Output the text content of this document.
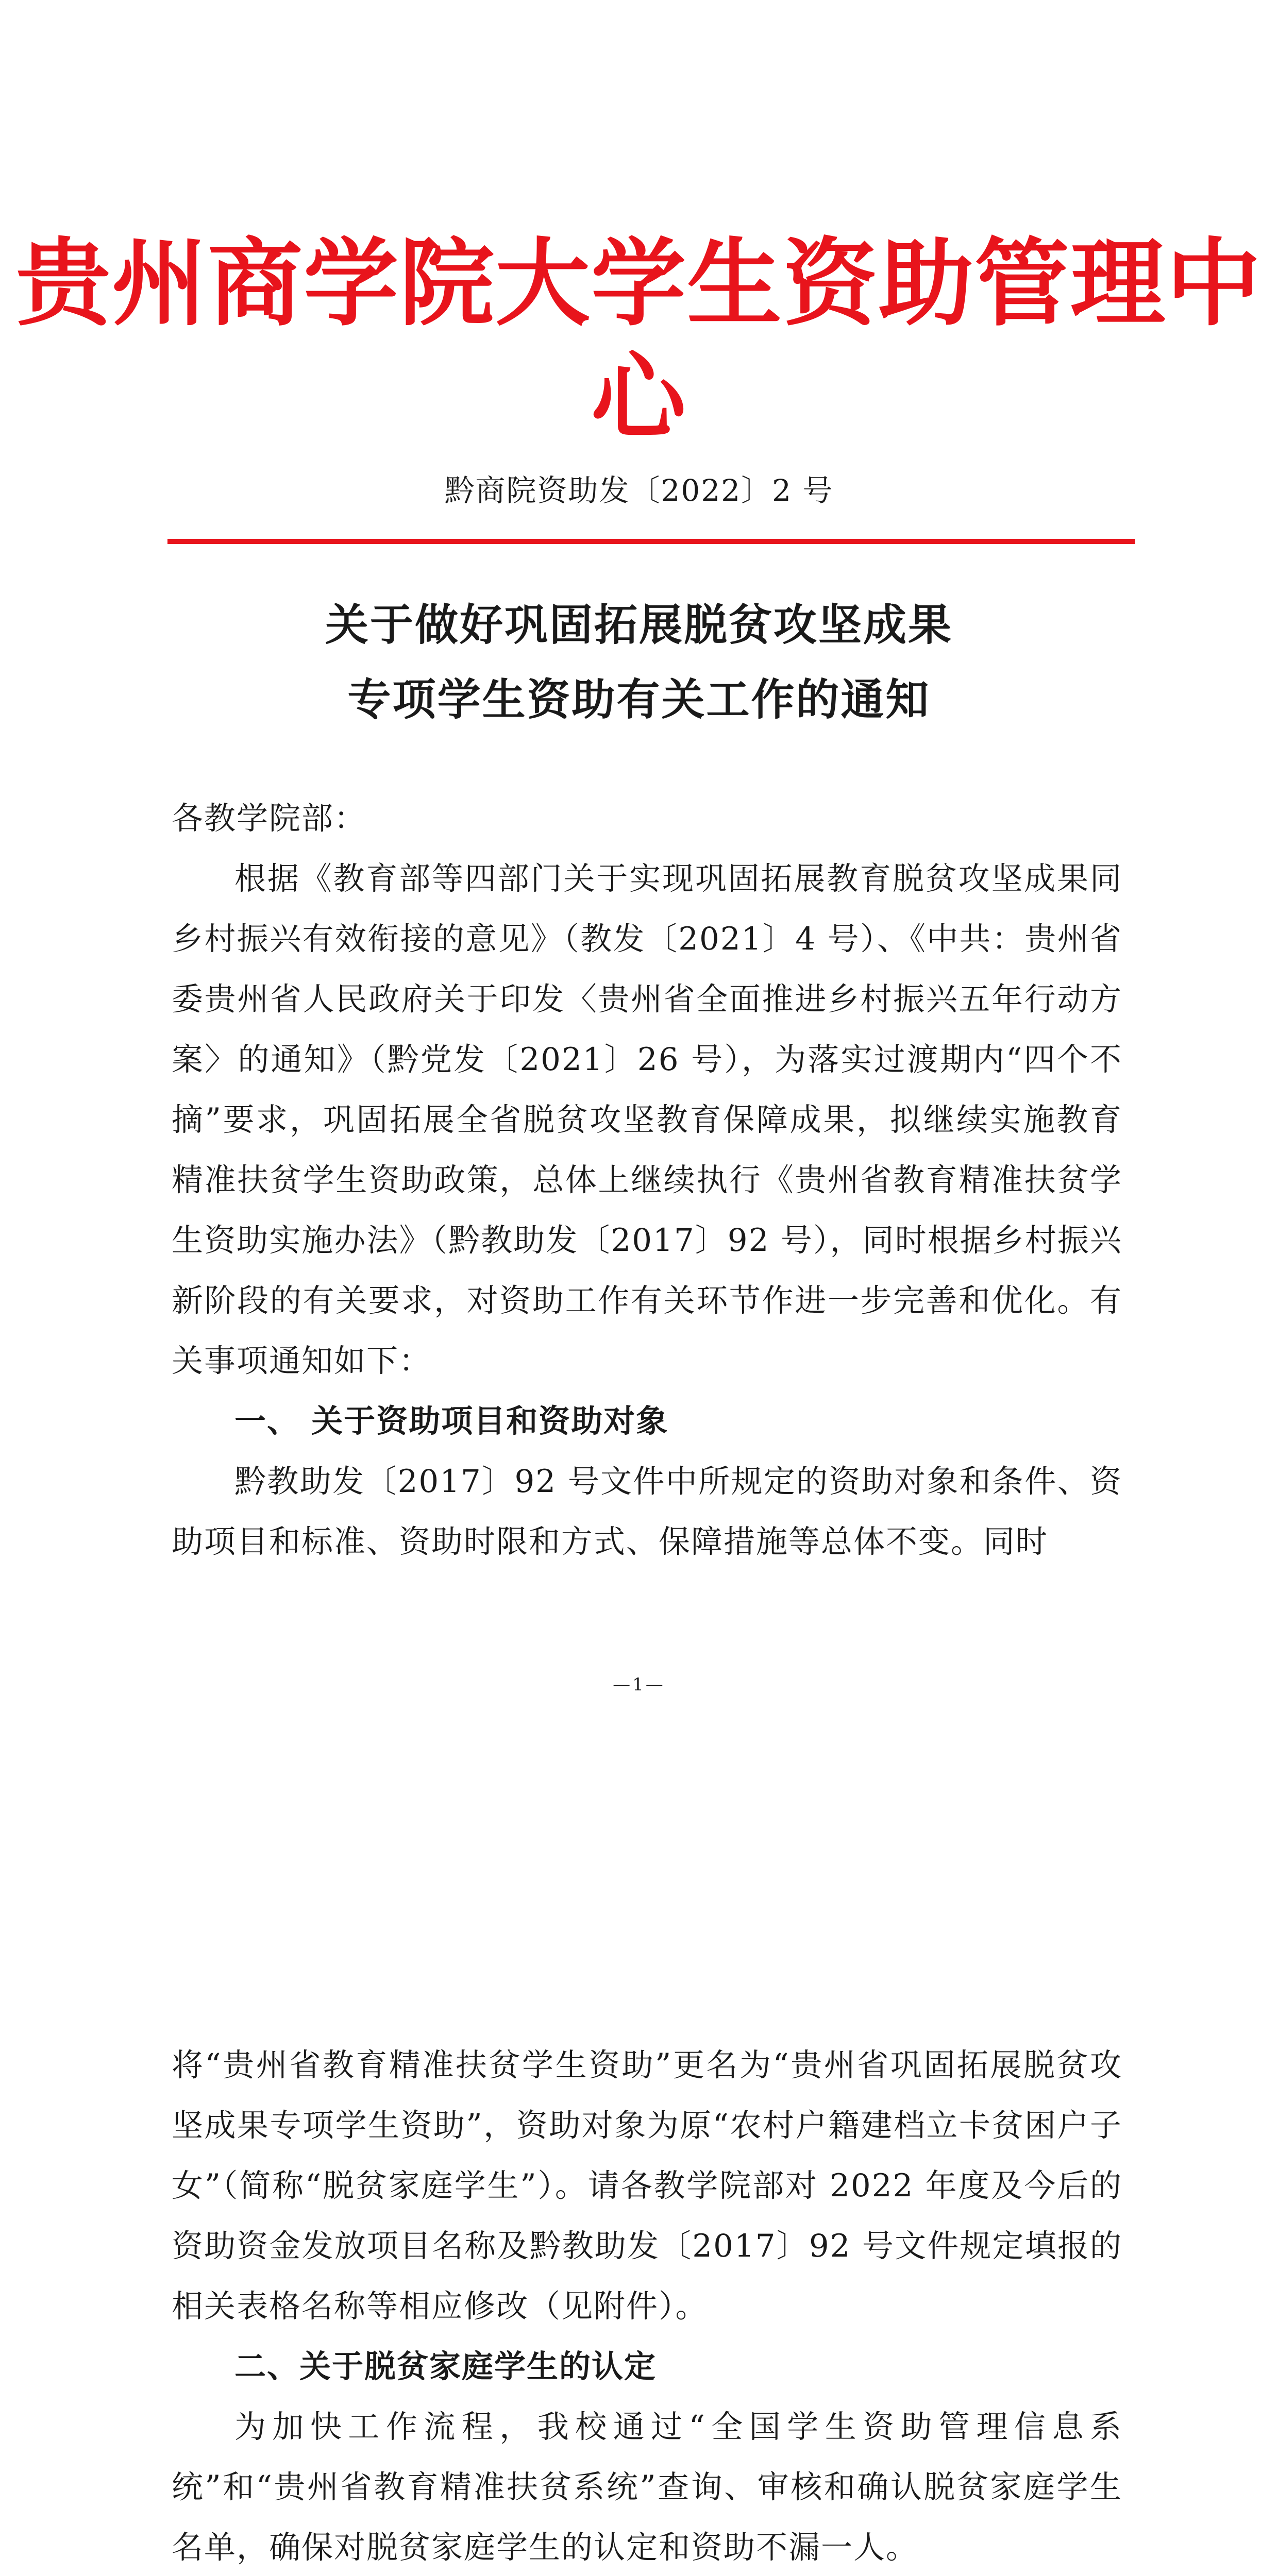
贵州商学院大学生资助管理中心
黔商院资助发〔2022〕2 号
关于做好巩固拓展脱贫攻坚成果
专项学生资助有关工作的通知

各教学院部：

根据《教育部等四部门关于实现巩固拓展教育脱贫攻坚成果同乡村振兴有效衔接的意见》（教发〔2021〕4 号）、《中共：贵州省委贵州省人民政府关于印发〈贵州省全面推进乡村振兴五年行动方案〉的通知》（黔党发〔2021〕26 号），为落实过渡期内“四个不摘”要求，巩固拓展全省脱贫攻坚教育保障成果，拟继续实施教育精准扶贫学生资助政策，总体上继续执行《贵州省教育精准扶贫学生资助实施办法》（黔教助发〔2017〕92 号），同时根据乡村振兴新阶段的有关要求，对资助工作有关环节作进一步完善和优化。有关事项通知如下：

一、 关于资助项目和资助对象

黔教助发〔2017〕92 号文件中所规定的资助对象和条件、资助项目和标准、资助时限和方式、保障措施等总体不变。同时

—1—

将“贵州省教育精准扶贫学生资助”更名为“贵州省巩固拓展脱贫攻坚成果专项学生资助”，资助对象为原“农村户籍建档立卡贫困户子女”（简称“脱贫家庭学生”）。请各教学院部对 2022 年度及今后的资助资金发放项目名称及黔教助发〔2017〕92 号文件规定填报的相关表格名称等相应修改（见附件）。

二、关于脱贫家庭学生的认定

为加快工作流程，我校通过“全国学生资助管理信息系统”和“贵州省教育精准扶贫系统”查询、审核和确认脱贫家庭学生名单，确保对脱贫家庭学生的认定和资助不漏一人。
